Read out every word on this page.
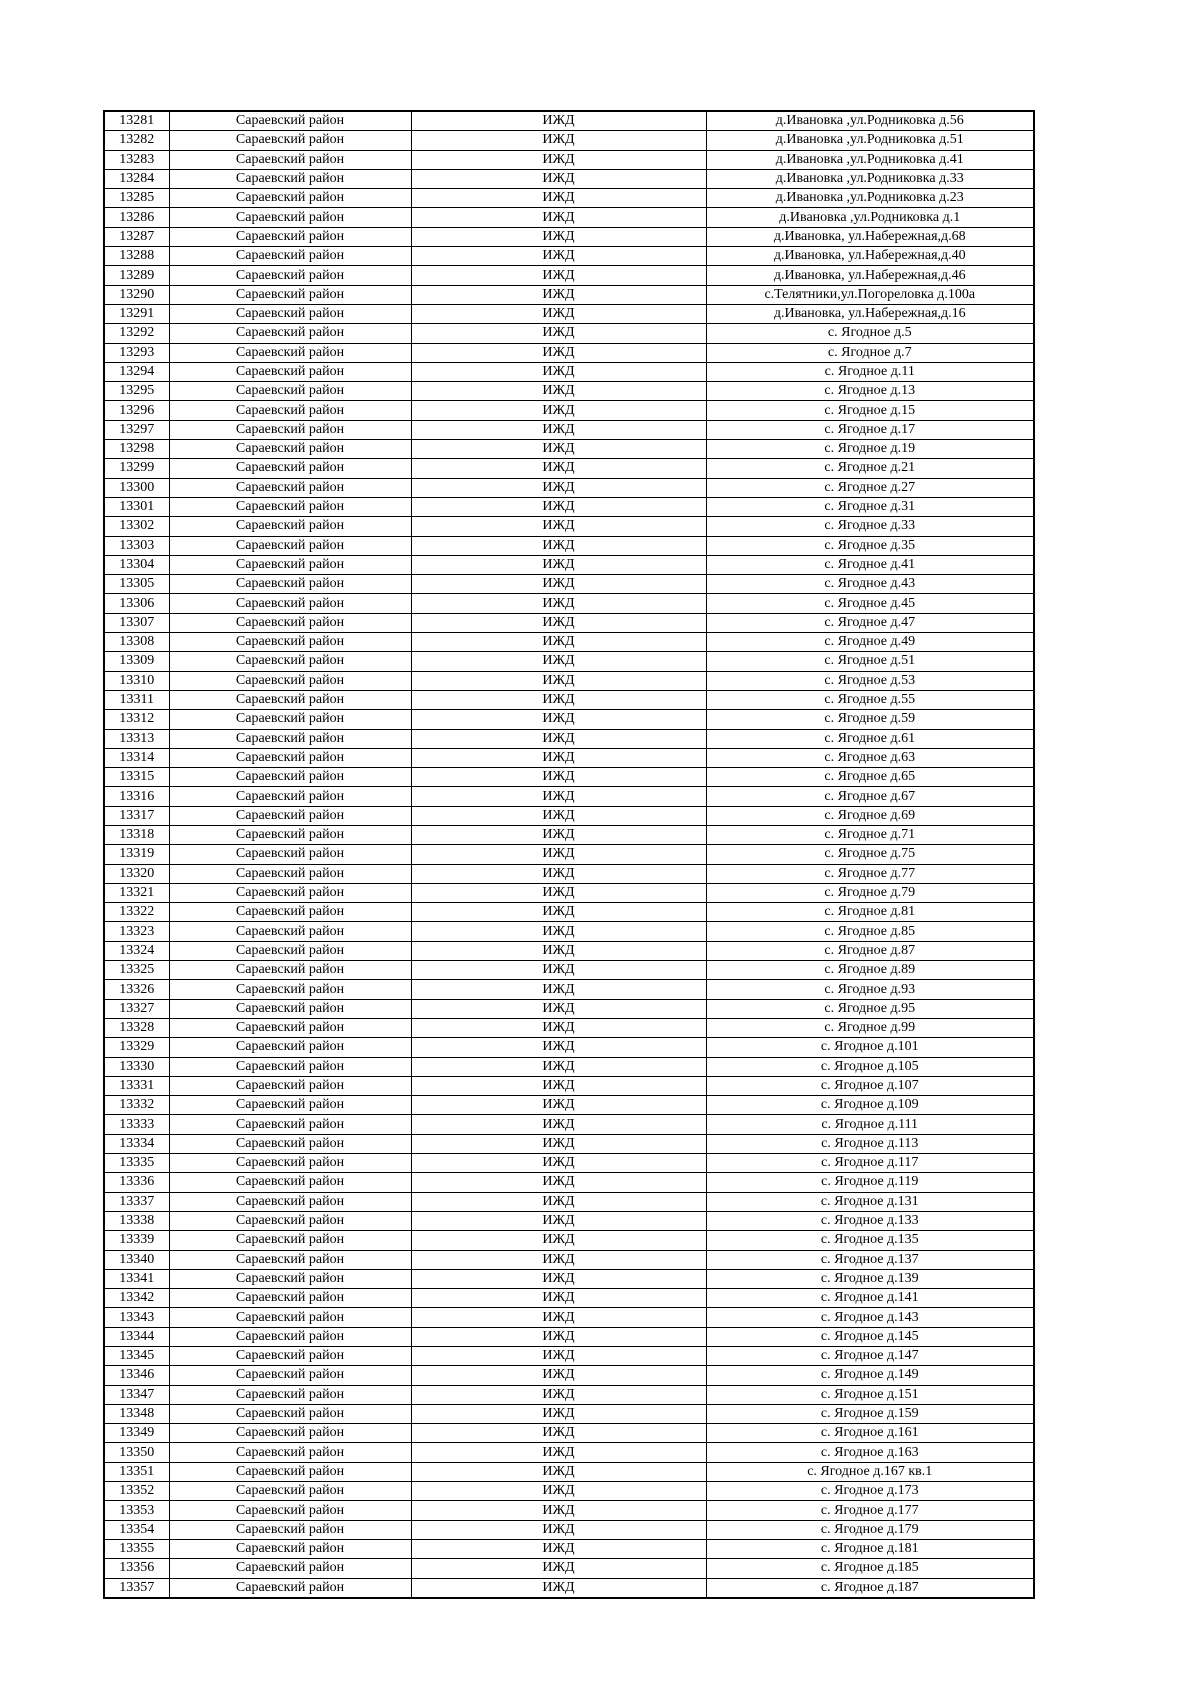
13281	Сараевский район	ИЖД	д.Ивановка ,ул.Родниковка д.56
13282	Сараевский район	ИЖД	д.Ивановка ,ул.Родниковка д.51
13283	Сараевский район	ИЖД	д.Ивановка ,ул.Родниковка д.41
13284	Сараевский район	ИЖД	д.Ивановка ,ул.Родниковка д.33
13285	Сараевский район	ИЖД	д.Ивановка ,ул.Родниковка д.23
13286	Сараевский район	ИЖД	д.Ивановка ,ул.Родниковка д.1
13287	Сараевский район	ИЖД	д.Ивановка, ул.Набережная,д.68
13288	Сараевский район	ИЖД	д.Ивановка, ул.Набережная,д.40
13289	Сараевский район	ИЖД	д.Ивановка, ул.Набережная,д.46
13290	Сараевский район	ИЖД	с.Телятники,ул.Погореловка д.100а
13291	Сараевский район	ИЖД	д.Ивановка, ул.Набережная,д.16
13292	Сараевский район	ИЖД	с. Ягодное д.5
13293	Сараевский район	ИЖД	с. Ягодное д.7
13294	Сараевский район	ИЖД	с. Ягодное д.11
13295	Сараевский район	ИЖД	с. Ягодное д.13
13296	Сараевский район	ИЖД	с. Ягодное д.15
13297	Сараевский район	ИЖД	с. Ягодное д.17
13298	Сараевский район	ИЖД	с. Ягодное д.19
13299	Сараевский район	ИЖД	с. Ягодное д.21
13300	Сараевский район	ИЖД	с. Ягодное д.27
13301	Сараевский район	ИЖД	с. Ягодное д.31
13302	Сараевский район	ИЖД	с. Ягодное д.33
13303	Сараевский район	ИЖД	с. Ягодное д.35
13304	Сараевский район	ИЖД	с. Ягодное д.41
13305	Сараевский район	ИЖД	с. Ягодное д.43
13306	Сараевский район	ИЖД	с. Ягодное д.45
13307	Сараевский район	ИЖД	с. Ягодное д.47
13308	Сараевский район	ИЖД	с. Ягодное д.49
13309	Сараевский район	ИЖД	с. Ягодное д.51
13310	Сараевский район	ИЖД	с. Ягодное д.53
13311	Сараевский район	ИЖД	с. Ягодное д.55
13312	Сараевский район	ИЖД	с. Ягодное д.59
13313	Сараевский район	ИЖД	с. Ягодное д.61
13314	Сараевский район	ИЖД	с. Ягодное д.63
13315	Сараевский район	ИЖД	с. Ягодное д.65
13316	Сараевский район	ИЖД	с. Ягодное д.67
13317	Сараевский район	ИЖД	с. Ягодное д.69
13318	Сараевский район	ИЖД	с. Ягодное д.71
13319	Сараевский район	ИЖД	с. Ягодное д.75
13320	Сараевский район	ИЖД	с. Ягодное д.77
13321	Сараевский район	ИЖД	с. Ягодное д.79
13322	Сараевский район	ИЖД	с. Ягодное д.81
13323	Сараевский район	ИЖД	с. Ягодное д.85
13324	Сараевский район	ИЖД	с. Ягодное д.87
13325	Сараевский район	ИЖД	с. Ягодное д.89
13326	Сараевский район	ИЖД	с. Ягодное д.93
13327	Сараевский район	ИЖД	с. Ягодное д.95
13328	Сараевский район	ИЖД	с. Ягодное д.99
13329	Сараевский район	ИЖД	с. Ягодное д.101
13330	Сараевский район	ИЖД	с. Ягодное д.105
13331	Сараевский район	ИЖД	с. Ягодное д.107
13332	Сараевский район	ИЖД	с. Ягодное д.109
13333	Сараевский район	ИЖД	с. Ягодное д.111
13334	Сараевский район	ИЖД	с. Ягодное д.113
13335	Сараевский район	ИЖД	с. Ягодное д.117
13336	Сараевский район	ИЖД	с. Ягодное д.119
13337	Сараевский район	ИЖД	с. Ягодное д.131
13338	Сараевский район	ИЖД	с. Ягодное д.133
13339	Сараевский район	ИЖД	с. Ягодное д.135
13340	Сараевский район	ИЖД	с. Ягодное д.137
13341	Сараевский район	ИЖД	с. Ягодное д.139
13342	Сараевский район	ИЖД	с. Ягодное д.141
13343	Сараевский район	ИЖД	с. Ягодное д.143
13344	Сараевский район	ИЖД	с. Ягодное д.145
13345	Сараевский район	ИЖД	с. Ягодное д.147
13346	Сараевский район	ИЖД	с. Ягодное д.149
13347	Сараевский район	ИЖД	с. Ягодное д.151
13348	Сараевский район	ИЖД	с. Ягодное д.159
13349	Сараевский район	ИЖД	с. Ягодное д.161
13350	Сараевский район	ИЖД	с. Ягодное д.163
13351	Сараевский район	ИЖД	с. Ягодное д.167 кв.1
13352	Сараевский район	ИЖД	с. Ягодное д.173
13353	Сараевский район	ИЖД	с. Ягодное д.177
13354	Сараевский район	ИЖД	с. Ягодное д.179
13355	Сараевский район	ИЖД	с. Ягодное д.181
13356	Сараевский район	ИЖД	с. Ягодное д.185
13357	Сараевский район	ИЖД	с. Ягодное д.187
